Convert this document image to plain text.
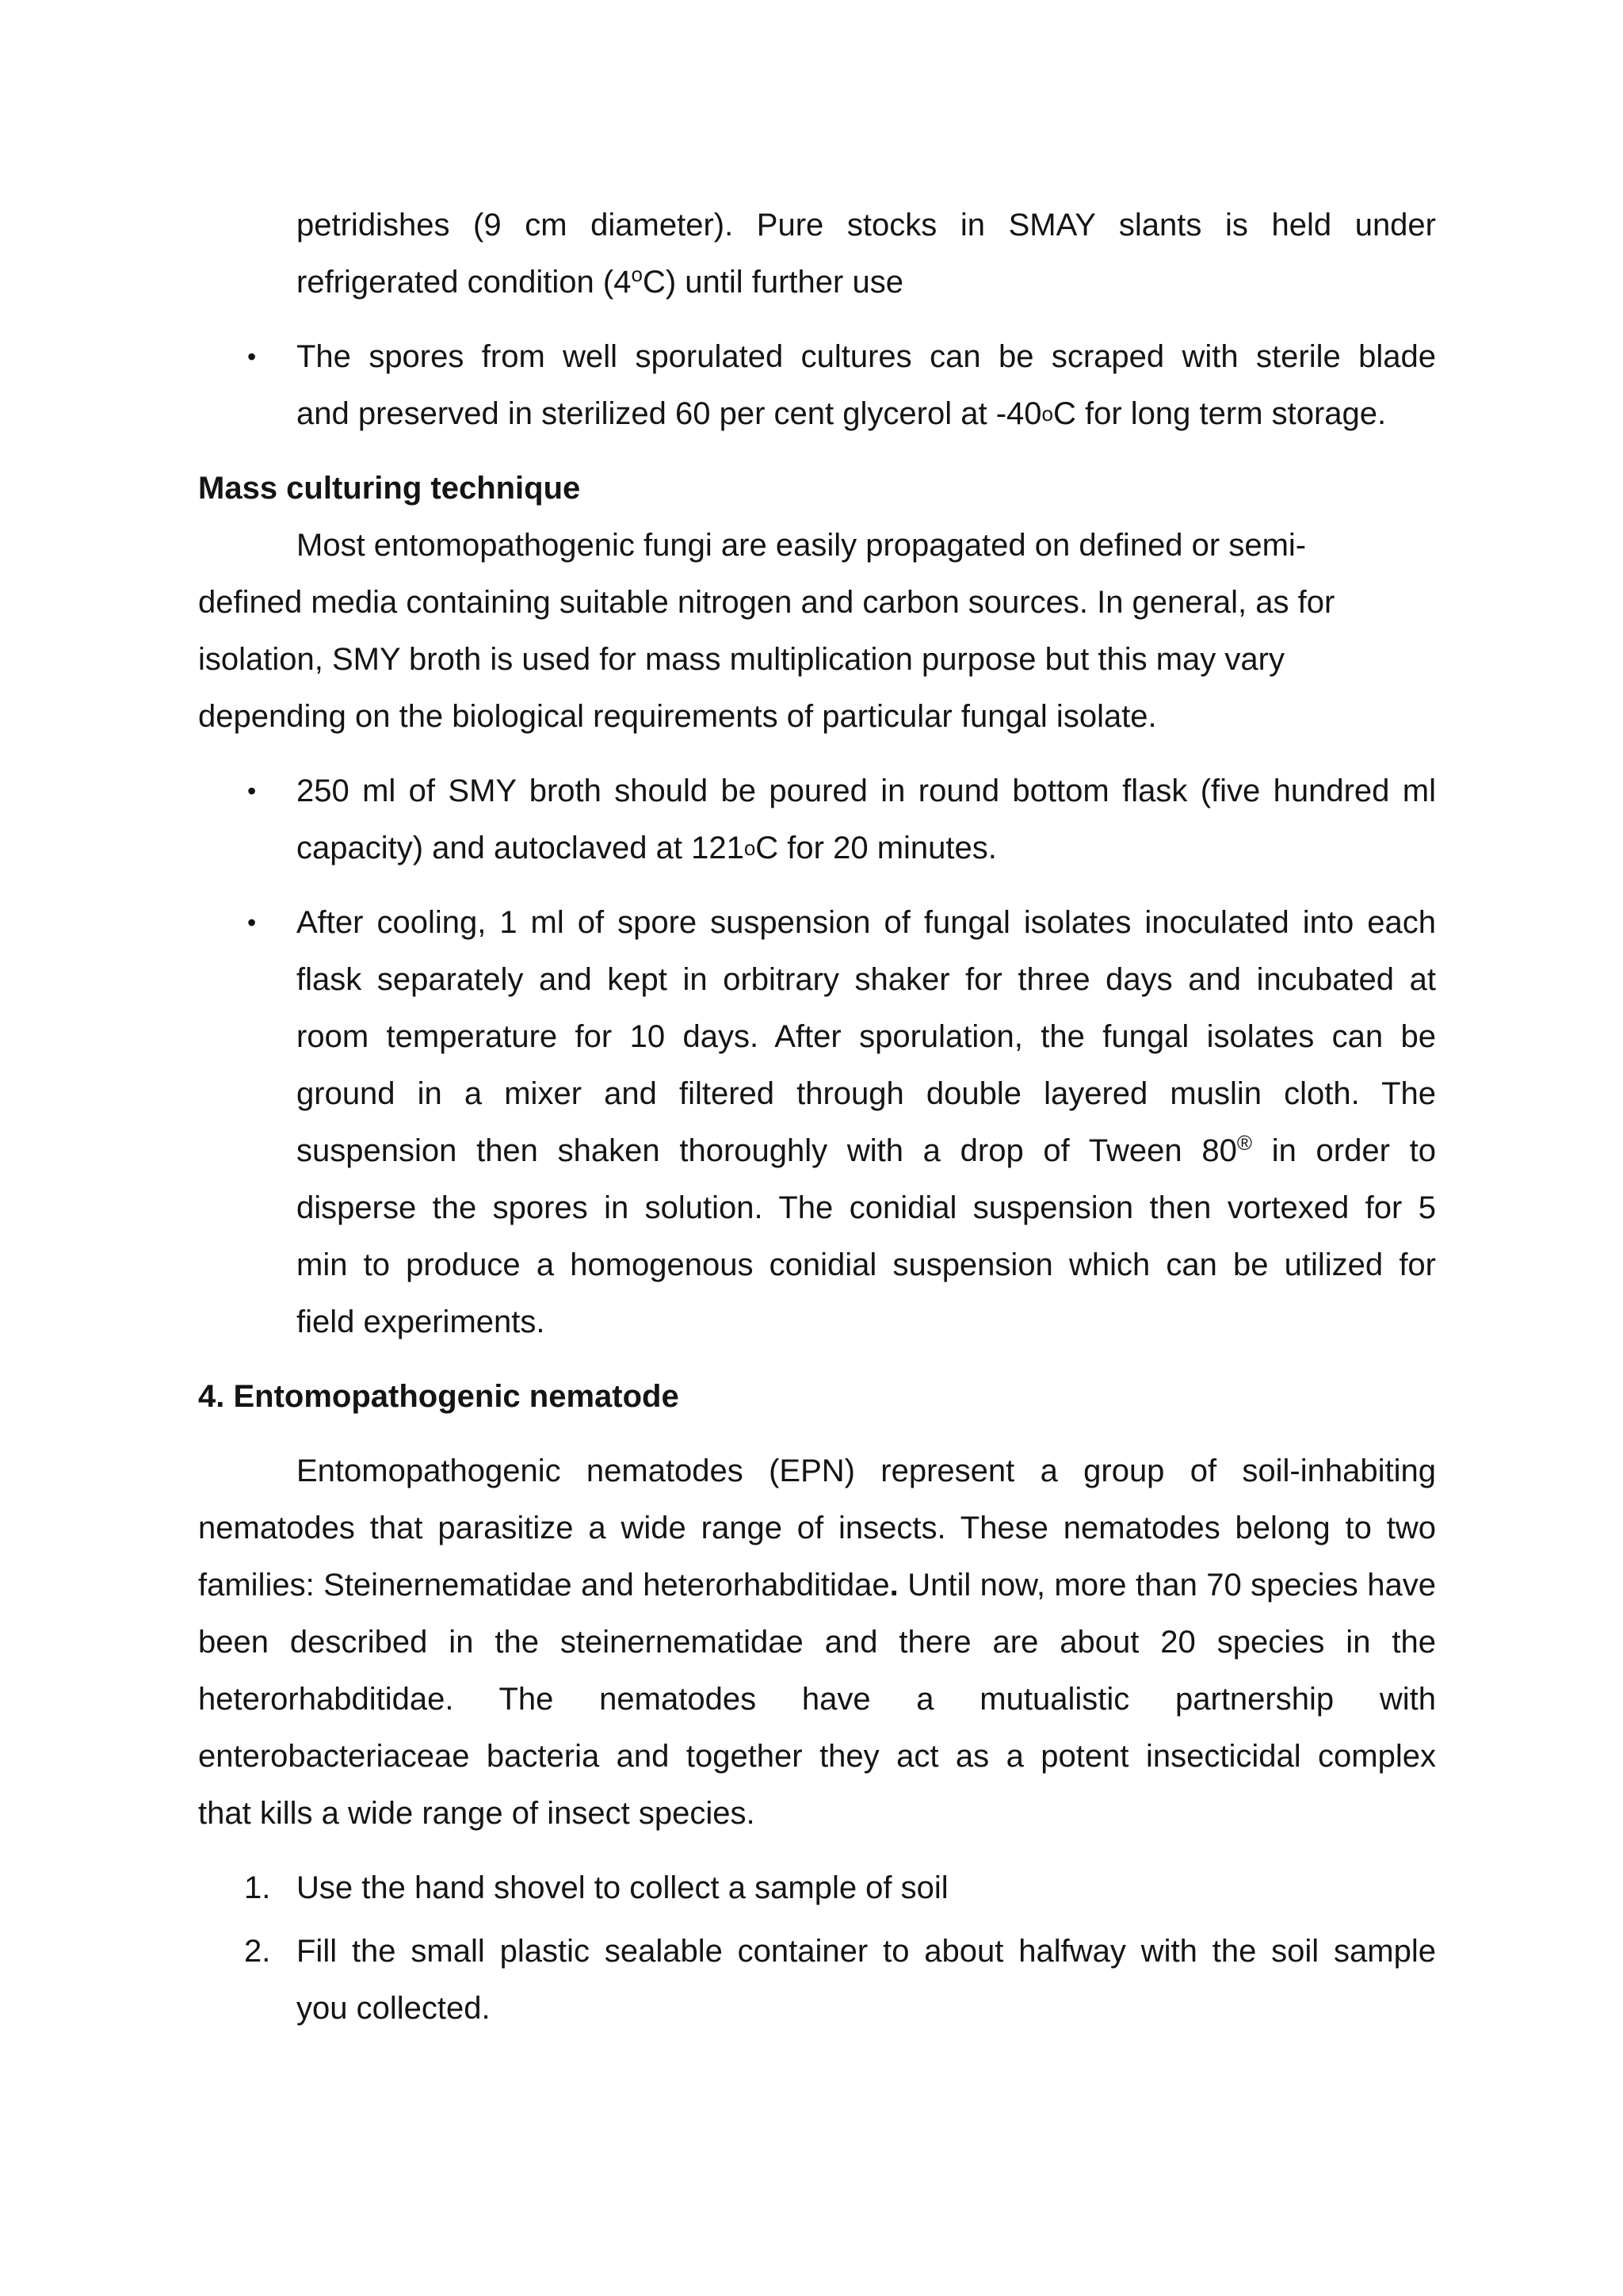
petridishes (9 cm diameter). Pure stocks in SMAY slants is held under

refrigerated condition (4$^o$C) until further use

• The spores from well sporulated cultures can be scraped with sterile blade

and preserved in sterilized 60 per cent glycerol at -40oC for long term storage.

Mass culturing technique

Most entomopathogenic fungi are easily propagated on defined or semi-

defined media containing suitable nitrogen and carbon sources. In general, as for

isolation, SMY broth is used for mass multiplication purpose but this may vary

depending on the biological requirements of particular fungal isolate.

• 250 ml of SMY broth should be poured in round bottom flask (five hundred ml

capacity) and autoclaved at 121oC for 20 minutes.

• After cooling, 1 ml of spore suspension of fungal isolates inoculated into each

flask separately and kept in orbitrary shaker for three days and incubated at

room temperature for 10 days. After sporulation, the fungal isolates can be

ground in a mixer and filtered through double layered muslin cloth. The

suspension then shaken thoroughly with a drop of Tween 80® in order to

disperse the spores in solution. The conidial suspension then vortexed for 5

min to produce a homogenous conidial suspension which can be utilized for

field experiments.

4. Entomopathogenic nematode

Entomopathogenic nematodes (EPN) represent a group of soil-inhabiting

nematodes that parasitize a wide range of insects. These nematodes belong to two

families: Steinernematidae and heterorhabditidae. Until now, more than 70 species have

been described in the steinernematidae and there are about 20 species in the

heterorhabditidae. The nematodes have a mutualistic partnership with

enterobacteriaceae bacteria and together they act as a potent insecticidal complex

that kills a wide range of insect species.

1. Use the hand shovel to collect a sample of soil

2. Fill the small plastic sealable container to about halfway with the soil sample

you collected.
